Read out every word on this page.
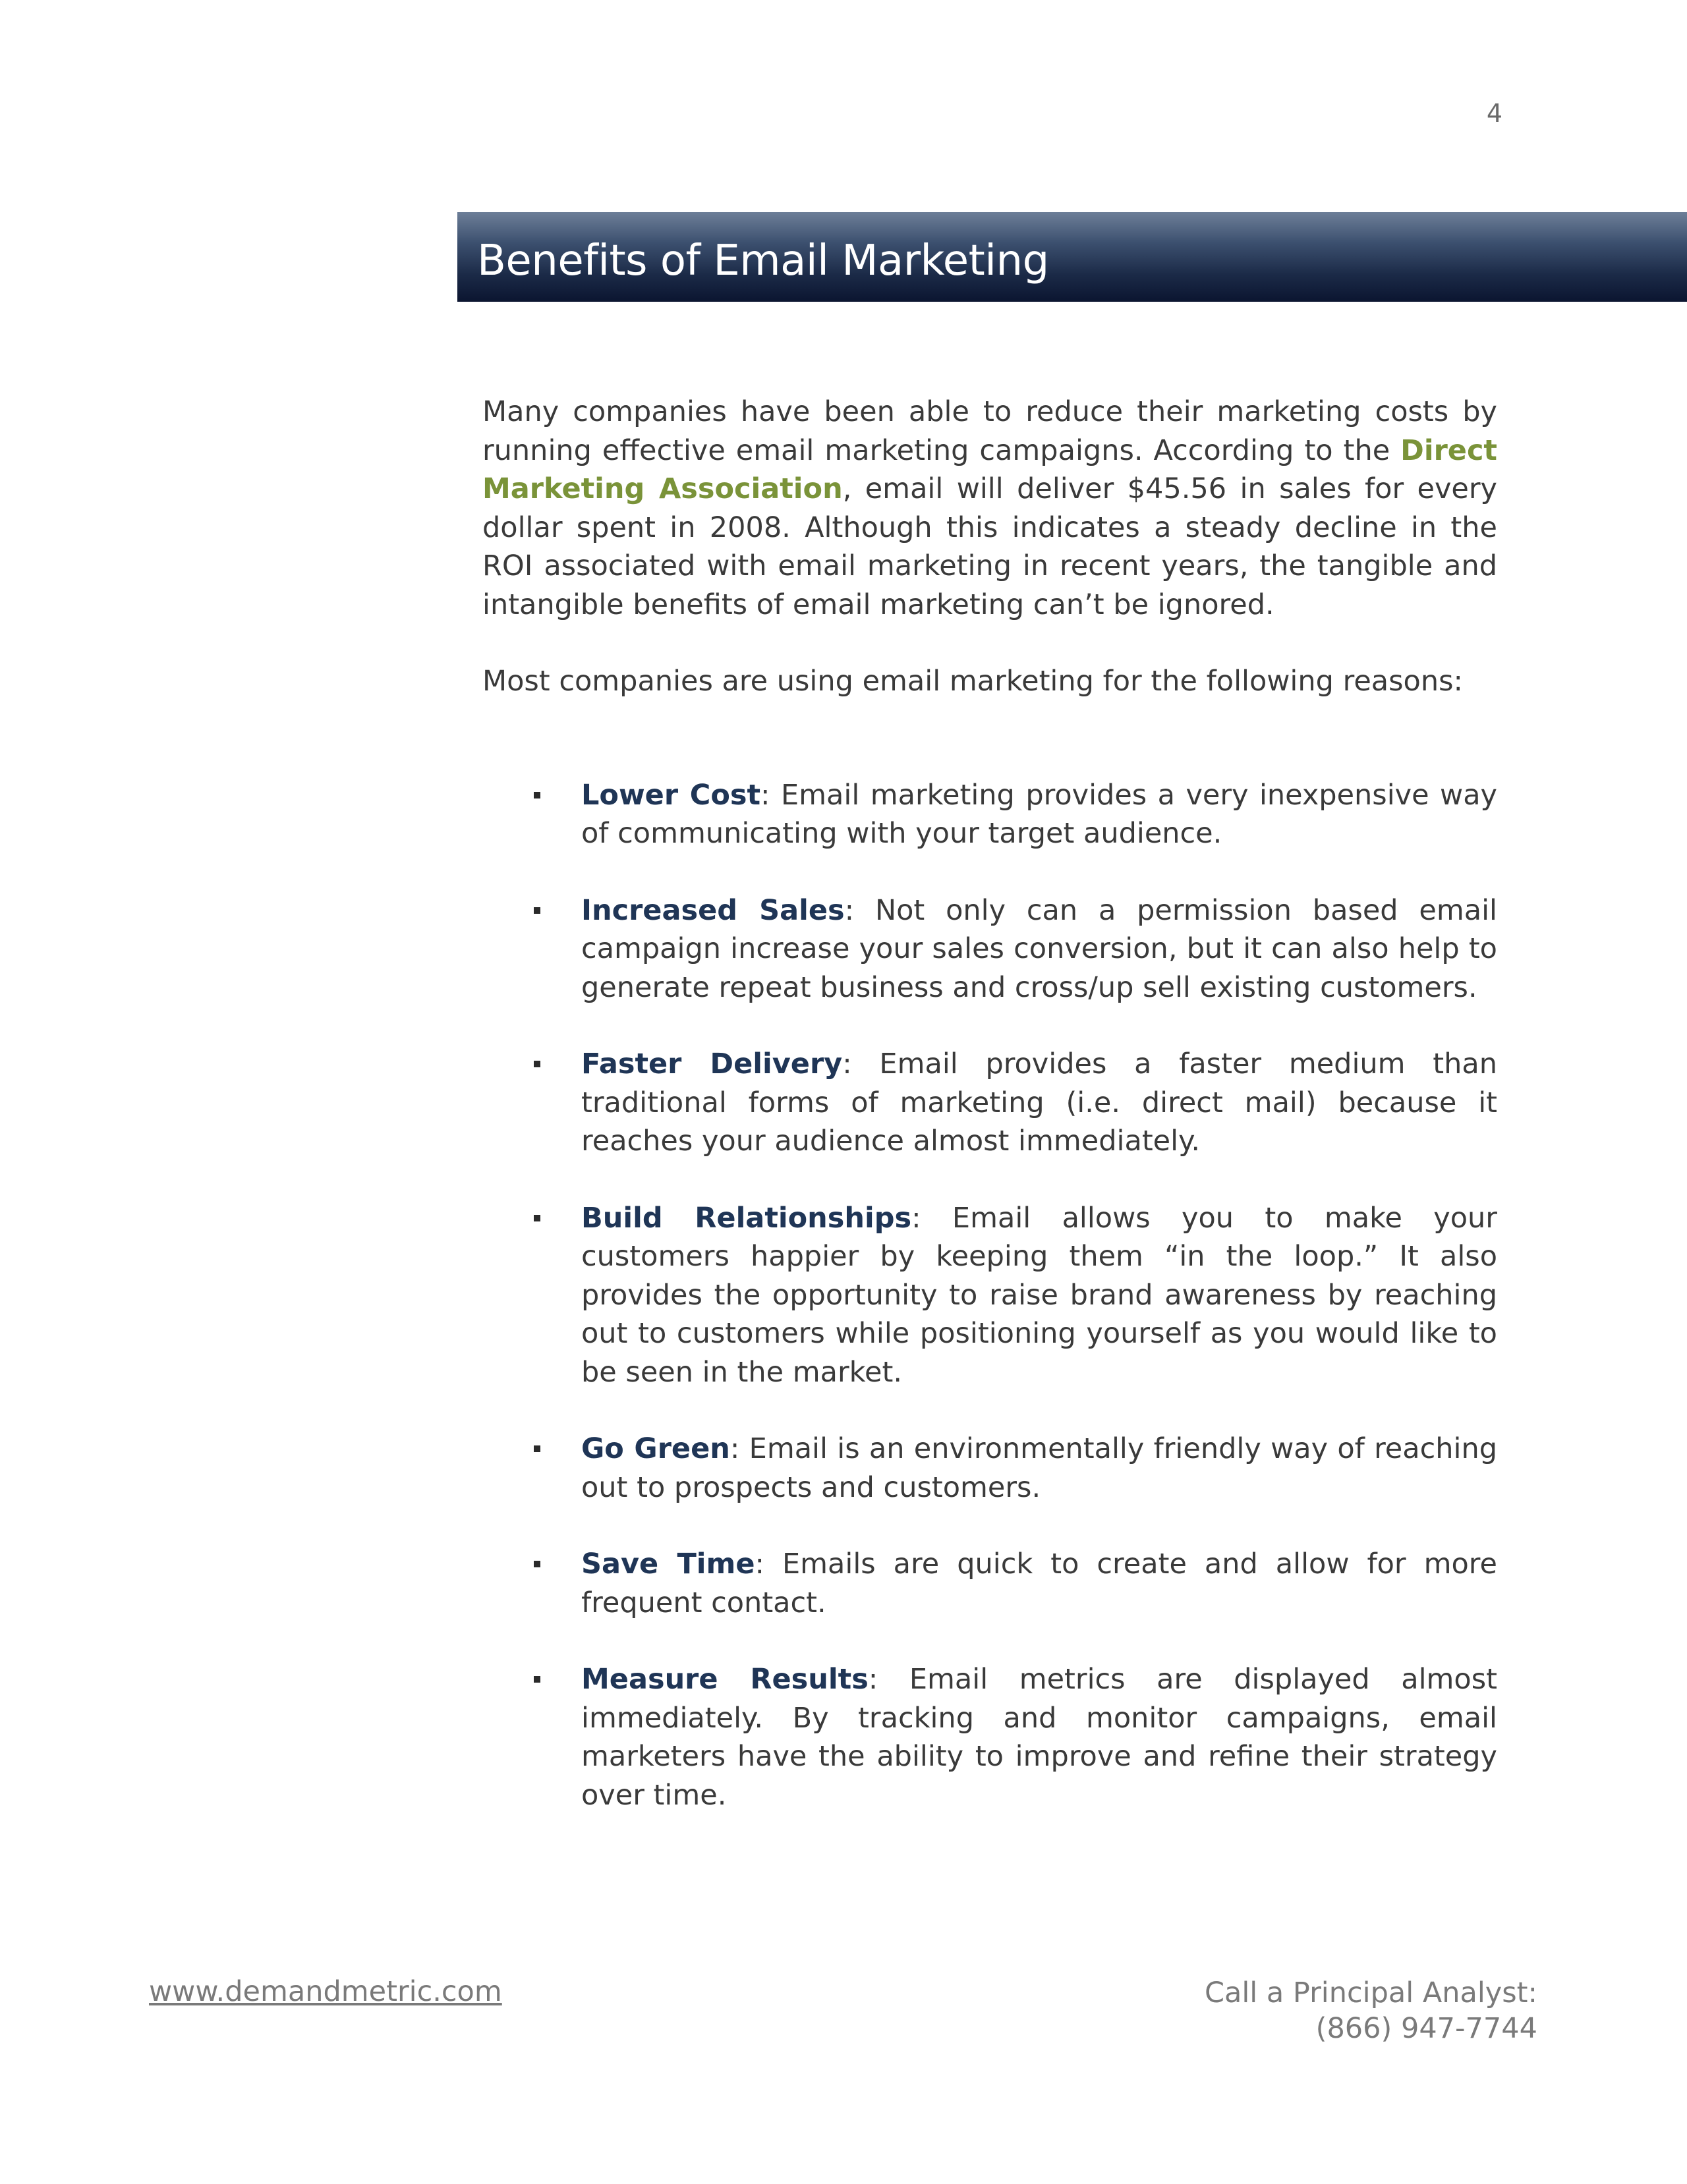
4
Benefits of Email Marketing

Many companies have been able to reduce their marketing costs by running effective email marketing campaigns. According to the Direct Marketing Association, email will deliver $45.56 in sales for every dollar spent in 2008. Although this indicates a steady decline in the ROI associated with email marketing in recent years, the tangible and intangible benefits of email marketing can’t be ignored.

Most companies are using email marketing for the following reasons:

Lower Cost: Email marketing provides a very inexpensive way of communicating with your target audience.
Increased Sales: Not only can a permission based email campaign increase your sales conversion, but it can also help to generate repeat business and cross/up sell existing customers.
Faster Delivery: Email provides a faster medium than traditional forms of marketing (i.e. direct mail) because it reaches your audience almost immediately.
Build Relationships: Email allows you to make your customers happier by keeping them “in the loop.” It also provides the opportunity to raise brand awareness by reaching out to customers while positioning yourself as you would like to be seen in the market.
Go Green: Email is an environmentally friendly way of reaching out to prospects and customers.
Save Time: Emails are quick to create and allow for more frequent contact.
Measure Results: Email metrics are displayed almost immediately. By tracking and monitor campaigns, email marketers have the ability to improve and refine their strategy over time.
www.demandmetric.com	Call a Principal Analyst:
(866) 947-7744
